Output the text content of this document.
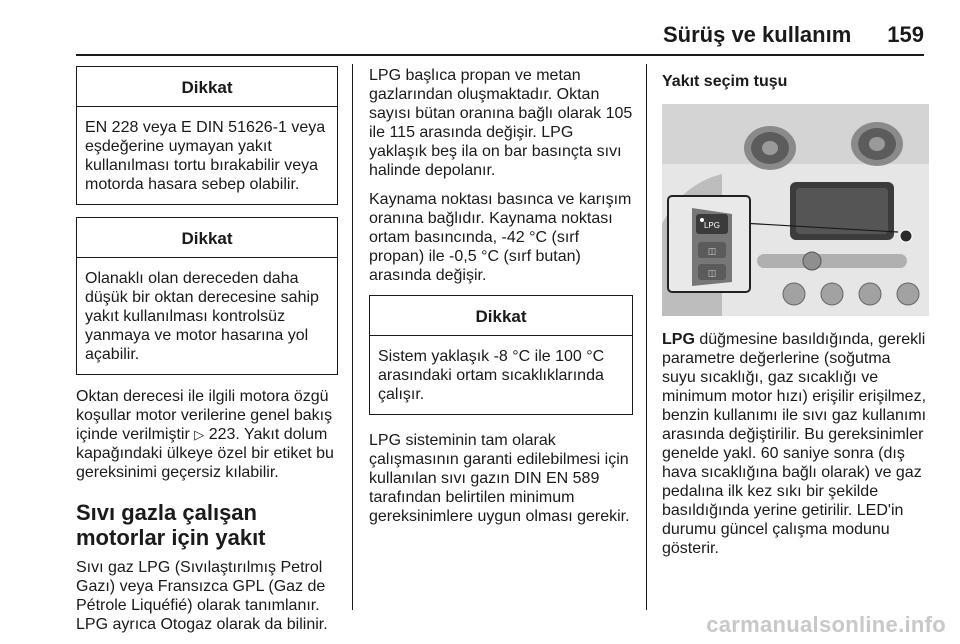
Sürüş ve kullanım 159
Dikkat
EN 228 veya E DIN 51626-1 veya eşdeğerine uymayan yakıt kullanılması tortu bırakabilir veya motorda hasara sebep olabilir.
Dikkat
Olanaklı olan dereceden daha düşük bir oktan derecesine sahip yakıt kullanılması kontrolsüz yanmaya ve motor hasarına yol açabilir.

Oktan derecesi ile ilgili motora özgü koşullar motor verilerine genel bakış içinde verilmiştir ▷ 223. Yakıt dolum kapağındaki ülkeye özel bir etiket bu gereksinimi geçersiz kılabilir.

Sıvı gazla çalışan motorlar için yakıt

Sıvı gaz LPG (Sıvılaştırılmış Petrol Gazı) veya Fransızca GPL (Gaz de Pétrole Liquéfié) olarak tanımlanır. LPG ayrıca Otogaz olarak da bilinir.

LPG başlıca propan ve metan gazlarından oluşmaktadır. Oktan sayısı bütan oranına bağlı olarak 105 ile 115 arasında değişir. LPG yaklaşık beş ila on bar basınçta sıvı halinde depolanır.

Kaynama noktası basınca ve karışım oranına bağlıdır. Kaynama noktası ortam basıncında, -42 °C (sırf propan) ile -0,5 °C (sırf butan) arasında değişir.

Dikkat
Sistem yaklaşık -8 °C ile 100 °C arasındaki ortam sıcaklıklarında çalışır.

LPG sisteminin tam olarak çalışmasının garanti edilebilmesi için kullanılan sıvı gazın DIN EN 589 tarafından belirtilen minimum gereksinimlere uygun olması gerekir.

Yakıt seçim tuşu
LPG
◫
◫

LPG düğmesine basıldığında, gerekli parametre değerlerine (soğutma suyu sıcaklığı, gaz sıcaklığı ve minimum motor hızı) erişilir erişilmez, benzin kullanımı ile sıvı gaz kullanımı arasında değiştirilir. Bu gereksinimler genelde yakl. 60 saniye sonra (dış hava sıcaklığına bağlı olarak) ve gaz pedalına ilk kez sıkı bir şekilde basıldığında yerine getirilir. LED'in durumu güncel çalışma modunu gösterir.

carmanualsonline.info
